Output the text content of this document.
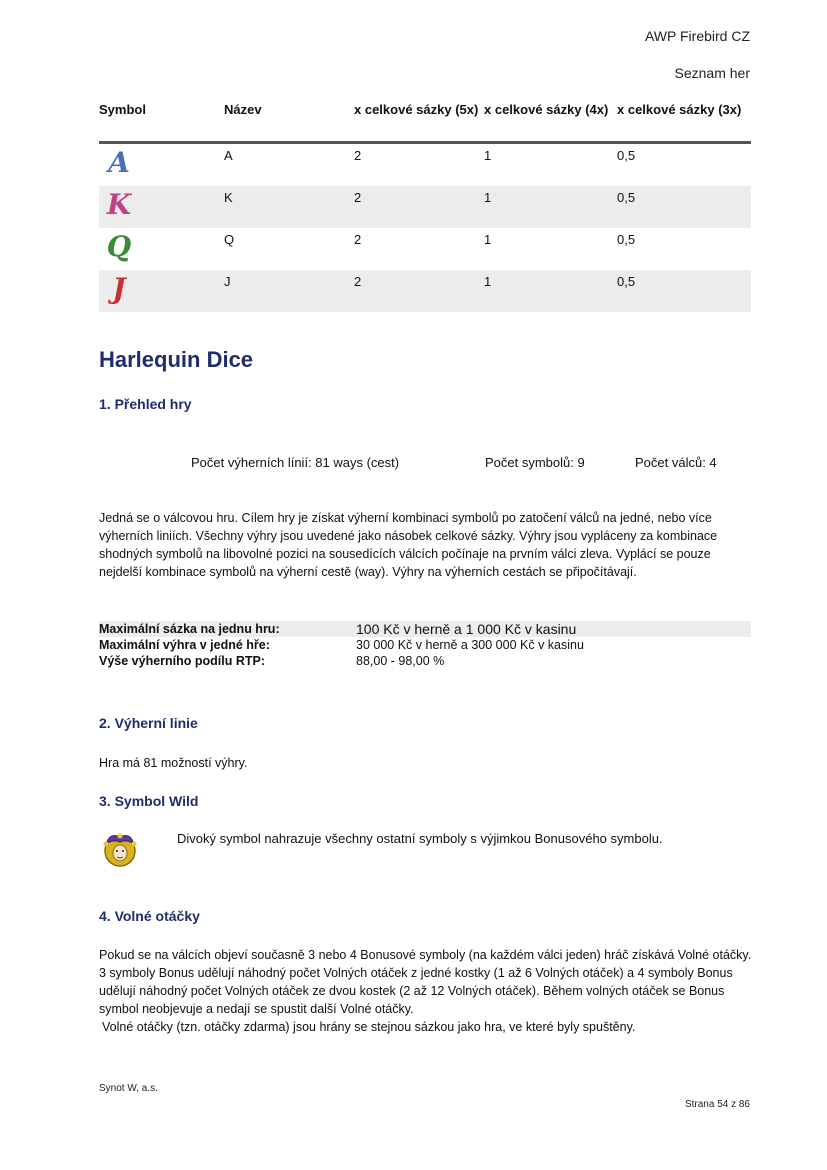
AWP Firebird CZ
Seznam her
Symbol	Název	x celkové sázky (5x)	x celkové sázky (4x)	x celkové sázky (3x)
A	A	2	1	0,5
K	K	2	1	0,5
Q	Q	2	1	0,5
J	J	2	1	0,5
Harlequin Dice
1. Přehled hry
Počet výherních línií: 81 ways (cest)	Počet symbolů: 9	Počet válců: 4
Jedná se o válcovou hru. Cílem hry je získat výherní kombinaci symbolů po zatočení válců na jedné, nebo více výherních liniích. Všechny výhry jsou uvedené jako násobek celkové sázky. Výhry jsou vypláceny za kombinace shodných symbolů na libovolné pozici na sousedících válcích počínaje na prvním válci zleva. Vyplácí se pouze nejdelší kombinace symbolů na výherní cestě (way). Výhry na výherních cestách se připočítávají.
Maximální sázka na jednu hru:	100 Kč v herně a 1 000 Kč v kasinu
Maximální výhra v jedné hře:	30 000 Kč v herně a 300 000 Kč v kasinu
Výše výherního podílu RTP:	88,00 - 98,00 %
2. Výherní linie
Hra má 81 možností výhry.
3. Symbol Wild
Divoký symbol nahrazuje všechny ostatní symboly s výjimkou Bonusového symbolu.
4. Volné otáčky
Pokud se na válcích objeví současně 3 nebo 4 Bonusové symboly (na každém válci jeden) hráč získává Volné otáčky. 3 symboly Bonus udělují náhodný počet Volných otáček z jedné kostky (1 až 6 Volných otáček) a 4 symboly Bonus udělují náhodný počet Volných otáček ze dvou kostek (2 až 12 Volných otáček). Během volných otáček se Bonus symbol neobjevuje a nedají se spustit další Volné otáčky.
Volné otáčky (tzn. otáčky zdarma) jsou hrány se stejnou sázkou jako hra, ve které byly spuštěny.
Synot W, a.s.
Strana 54 z 86
